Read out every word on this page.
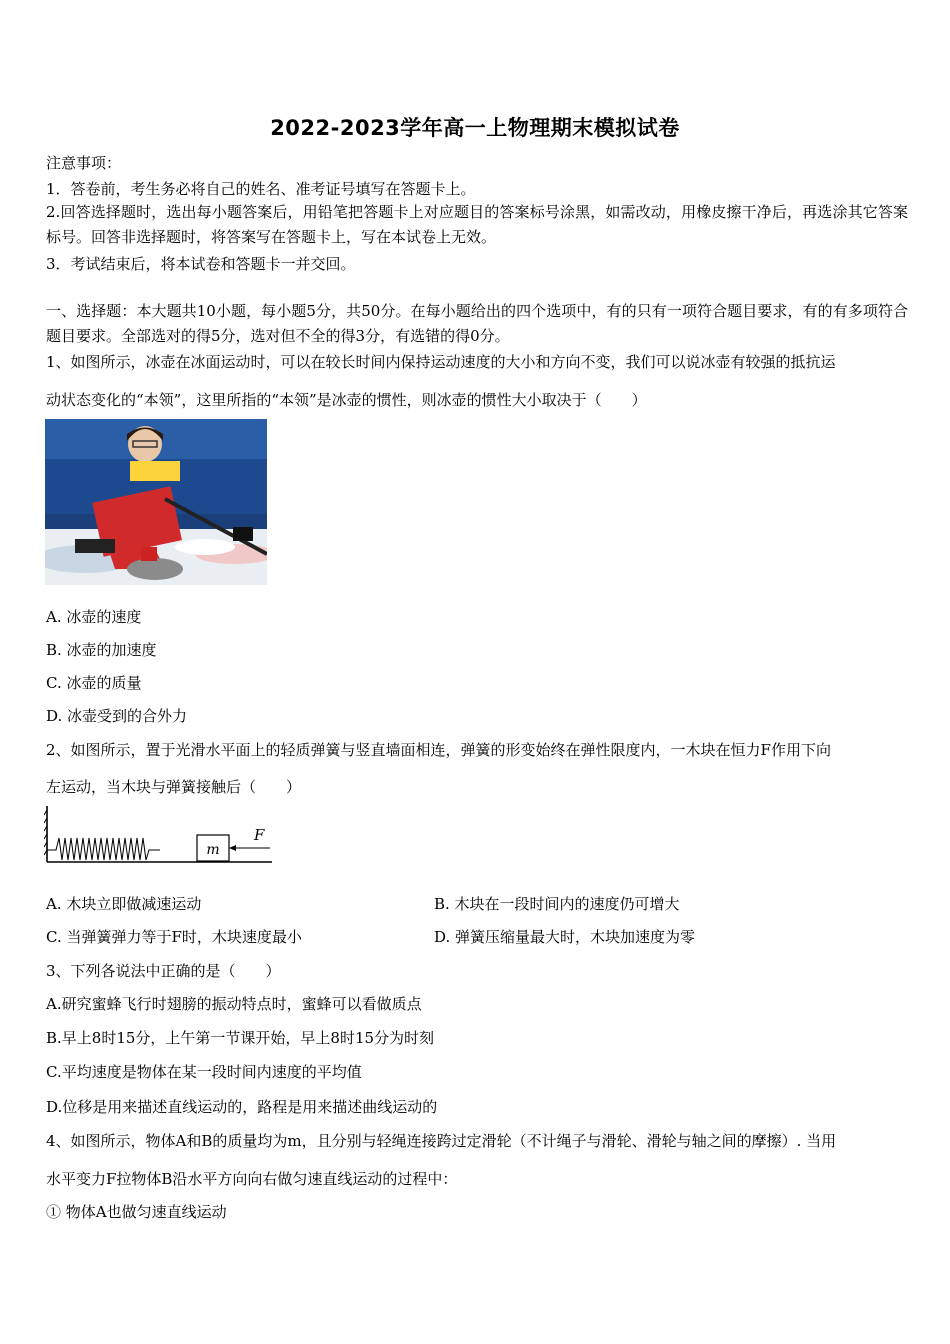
2022-2023学年高一上物理期末模拟试卷
注意事项：
1．答卷前，考生务必将自己的姓名、准考证号填写在答题卡上。
2.回答选择题时，选出每小题答案后，用铅笔把答题卡上对应题目的答案标号涂黑，如需改动，用橡皮擦干净后，再选涂其它答案标号。回答非选择题时，将答案写在答题卡上，写在本试卷上无效。
3．考试结束后，将本试卷和答题卡一并交回。
一、选择题：本大题共10小题，每小题5分，共50分。在每小题给出的四个选项中，有的只有一项符合题目要求，有的有多项符合题目要求。全部选对的得5分，选对但不全的得3分，有选错的得0分。
1、如图所示，冰壶在冰面运动时，可以在较长时间内保持运动速度的大小和方向不变，我们可以说冰壶有较强的抵抗运
动状态变化的“本领”，这里所指的“本领”是冰壶的惯性，则冰壶的惯性大小取决于（　　）
A. 冰壶的速度
B. 冰壶的加速度
C. 冰壶的质量
D. 冰壶受到的合外力
2、如图所示，置于光滑水平面上的轻质弹簧与竖直墙面相连，弹簧的形变始终在弹性限度内，一木块在恒力F作用下向
左运动，当木块与弹簧接触后（　　）
m
F
A. 木块立即做减速运动	B. 木块在一段时间内的速度仍可增大
C. 当弹簧弹力等于F时，木块速度最小	D. 弹簧压缩量最大时，木块加速度为零
3、下列各说法中正确的是（　　）
A.研究蜜蜂飞行时翅膀的振动特点时，蜜蜂可以看做质点
B.早上8时15分，上午第一节课开始，早上8时15分为时刻
C.平均速度是物体在某一段时间内速度的平均值
D.位移是用来描述直线运动的，路程是用来描述曲线运动的
4、如图所示，物体A和B的质量均为m，且分别与轻绳连接跨过定滑轮（不计绳子与滑轮、滑轮与轴之间的摩擦）. 当用
水平变力F拉物体B沿水平方向向右做匀速直线运动的过程中：
① 物体A也做匀速直线运动
